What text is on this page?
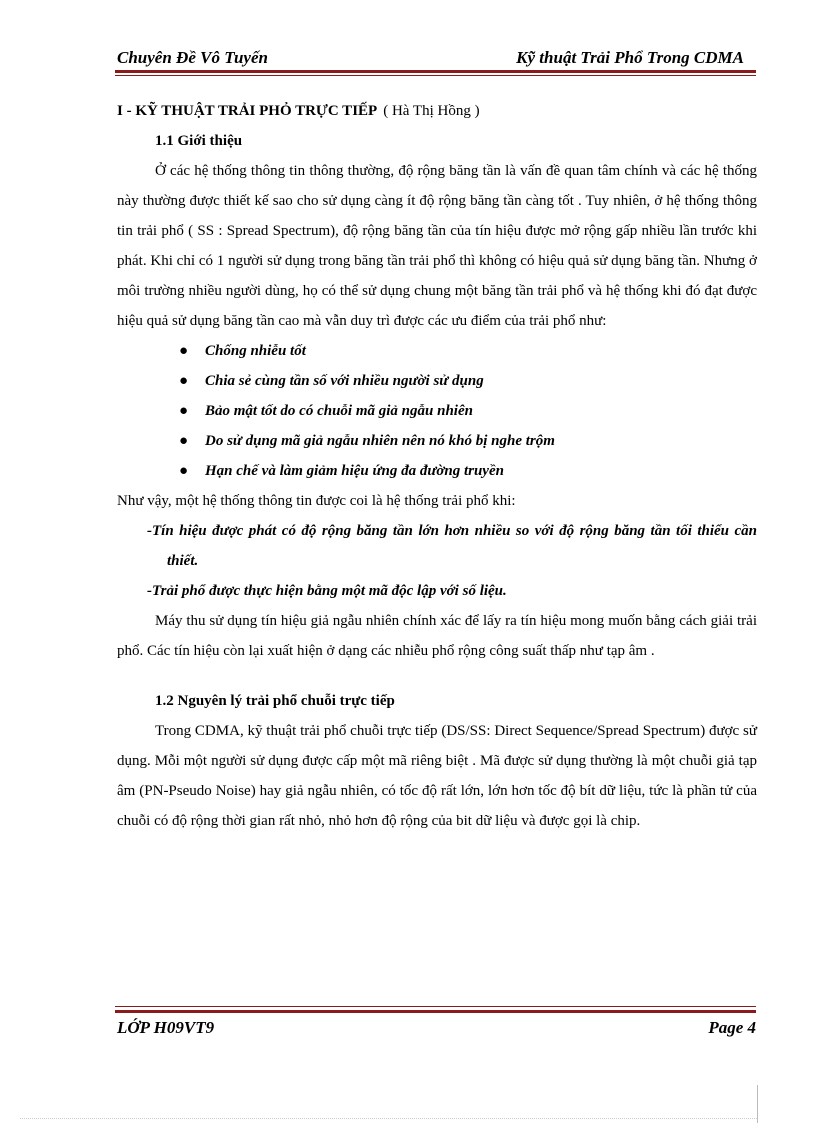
Chuyên Đề Vô Tuyến	Kỹ thuật Trải Phổ Trong CDMA
I - KỸ THUẬT TRẢI PHỎ TRỰC TIẾP ( Hà Thị Hồng )
1.1 Giới thiệu

Ở các hệ thống thông tin thông thường, độ rộng băng tần là vấn đề quan tâm chính và các hệ thống này thường được thiết kế sao cho sử dụng càng ít độ rộng băng tần càng tốt . Tuy nhiên, ở hệ thống thông tin trải phổ ( SS : Spread Spectrum), độ rộng băng tần của tín hiệu được mở rộng gấp nhiều lần trước khi phát. Khi chỉ có 1 người sử dụng trong băng tần trải phổ thì không có hiệu quả sử dụng băng tần. Nhưng ở môi trường nhiều người dùng, họ có thể sử dụng chung một băng tần trải phổ và hệ thống khi đó đạt được hiệu quả sử dụng băng tần cao mà vẫn duy trì được các ưu điểm của trải phổ như:

● Chống nhiễu tốt
● Chia sẻ cùng tần số với nhiều người sử dụng
● Bảo mật tốt do có chuỗi mã giả ngẫu nhiên
● Do sử dụng mã giả ngẫu nhiên nên nó khó bị nghe trộm
● Hạn chế và làm giảm hiệu ứng đa đường truyền

Như vậy, một hệ thống thông tin được coi là hệ thống trải phổ khi:

-Tín hiệu được phát có độ rộng băng tần lớn hơn nhiều so với độ rộng băng tần tối thiểu cần thiết.

-Trải phổ được thực hiện bằng một mã độc lập với số liệu.

Máy thu sử dụng tín hiệu giả ngẫu nhiên chính xác để lấy ra tín hiệu mong muốn bằng cách giải trải phổ. Các tín hiệu còn lại xuất hiện ở dạng các nhiễu phổ rộng công suất thấp như tạp âm .

1.2 Nguyên lý trải phổ chuỗi trực tiếp

Trong CDMA, kỹ thuật trải phổ chuỗi trực tiếp (DS/SS: Direct Sequence/Spread Spectrum) được sử dụng. Mỗi một người sử dụng được cấp một mã riêng biệt . Mã được sử dụng thường là một chuỗi giả tạp âm (PN-Pseudo Noise) hay giả ngẫu nhiên, có tốc độ rất lớn, lớn hơn tốc độ bít dữ liệu, tức là phần tử của chuỗi có độ rộng thời gian rất nhỏ, nhỏ hơn độ rộng của bit dữ liệu và được gọi là chip.

LỚP H09VT9	Page 4
